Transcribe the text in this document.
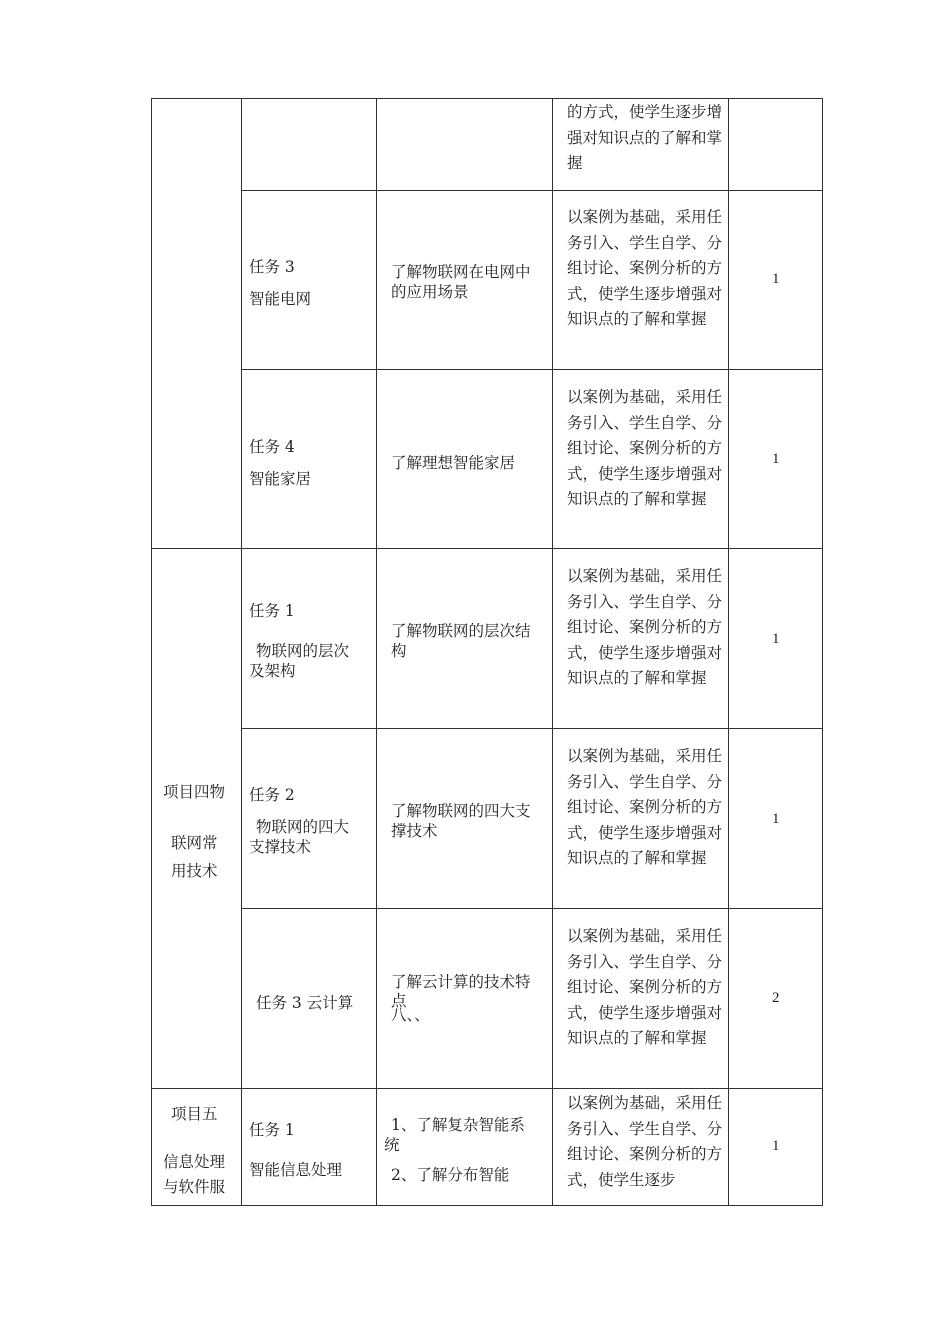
的方式，使学生逐步增强对知识点的了解和掌握
任务 3
智能电网
了解物联网在电网中
的应用场景
以案例为基础，采用任务引入、学生自学、分组讨论、案例分析的方式，使学生逐步增强对知识点的了解和掌握
1
任务 4
智能家居
了解理想智能家居
以案例为基础，采用任务引入、学生自学、分组讨论、案例分析的方式，使学生逐步增强对知识点的了解和掌握
1
项目四物
联网常
用技术
任务 1
物联网的层次
及架构
了解物联网的层次结
构
以案例为基础，采用任务引入、学生自学、分组讨论、案例分析的方式，使学生逐步增强对知识点的了解和掌握
1
任务 2
物联网的四大
支撑技术
了解物联网的四大支
撑技术
以案例为基础，采用任务引入、学生自学、分组讨论、案例分析的方式，使学生逐步增强对知识点的了解和掌握
1
任务 3 云计算
了解云计算的技术特
点
八、、
以案例为基础，采用任务引入、学生自学、分组讨论、案例分析的方式，使学生逐步增强对知识点的了解和掌握
2
项目五
信息处理
与软件服
任务 1
智能信息处理
1、了解复杂智能系
统
2、了解分布智能
以案例为基础，采用任务引入、学生自学、分组讨论、案例分析的方式，使学生逐步
1
